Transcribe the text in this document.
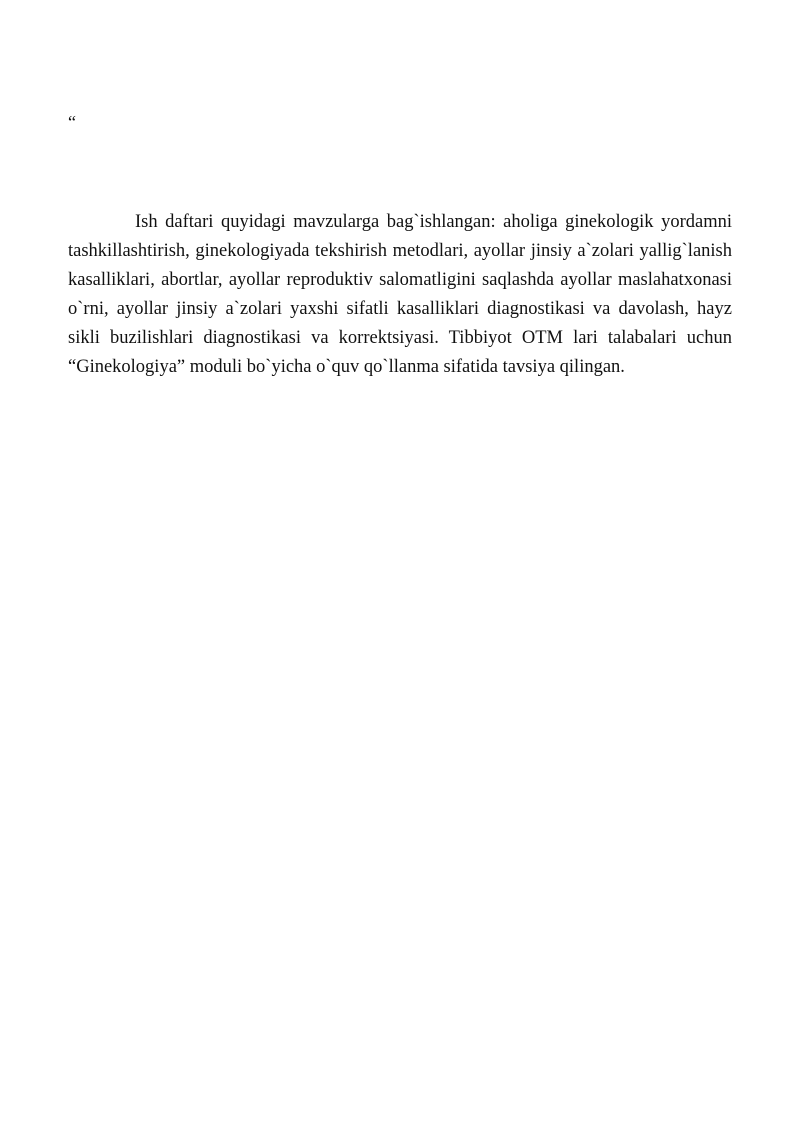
“

Ish daftari quyidagi mavzularga bag`ishlangan: aholiga ginekologik yordamni tashkillashtirish, ginekologiyada tekshirish metodlari, ayollar jinsiy a`zolari yallig`lanish kasalliklari, abortlar, ayollar reproduktiv salomatligini saqlashda ayollar maslahatxonasi o`rni, ayollar jinsiy a`zolari yaxshi sifatli kasalliklari diagnostikasi va davolash, hayz sikli buzilishlari diagnostikasi va korrektsiyasi. Tibbiyot OTM lari talabalari uchun “Ginekologiya” moduli bo`yicha o`quv qo`llanma sifatida tavsiya qilingan.
